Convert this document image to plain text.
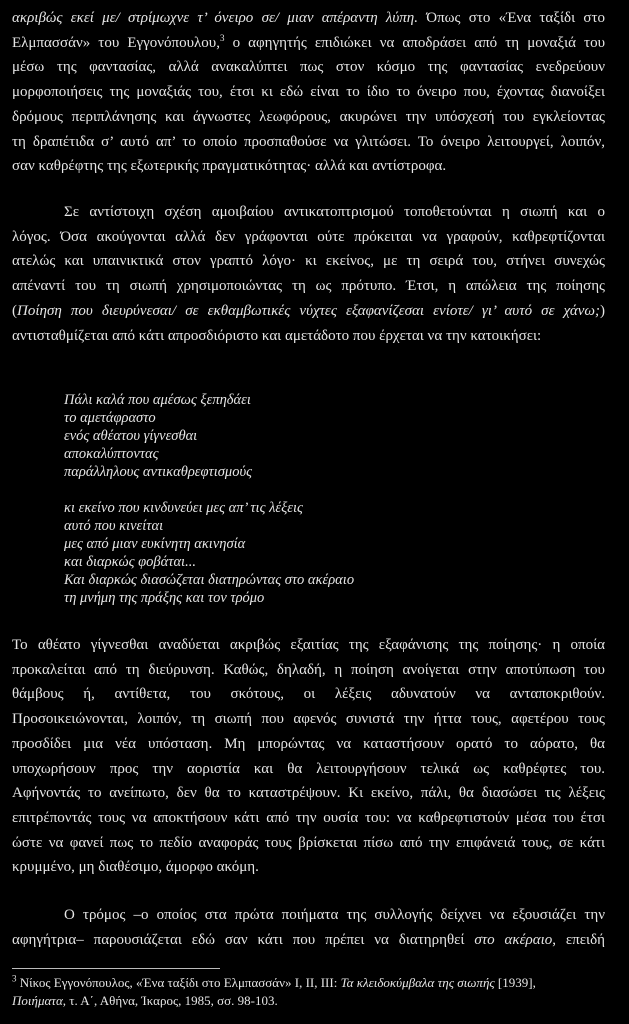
ακριβώς εκεί με/ στρίμωχνε τ’ όνειρο σε/ μιαν απέραντη λύπη. Όπως στο «Ένα ταξίδι στο
Ελμπασσάν» του Εγγονόπουλου,$^3$ ο αφηγητής επιδιώκει να αποδράσει από τη μοναξιά του
μέσω της φαντασίας, αλλά ανακαλύπτει πως στον κόσμο της φαντασίας ενεδρεύουν
μορφοποιήσεις της μοναξιάς του, έτσι κι εδώ είναι το ίδιο το όνειρο που, έχοντας διανοίξει
δρόμους περιπλάνησης και άγνωστες λεωφόρους, ακυρώνει την υπόσχεσή του εγκλείοντας
τη δραπέτιδα σ’ αυτό απ’ το οποίο προσπαθούσε να γλιτώσει. Το όνειρο λειτουργεί, λοιπόν,
σαν καθρέφτης της εξωτερικής πραγματικότητας· αλλά και αντίστροφα.
Σε αντίστοιχη σχέση αμοιβαίου αντικατοπτρισμού τοποθετούνται η σιωπή και ο
λόγος. Όσα ακούγονται αλλά δεν γράφονται ούτε πρόκειται να γραφούν, καθρεφτίζονται
ατελώς και υπαινικτικά στον γραπτό λόγο· κι εκείνος, με τη σειρά του, στήνει συνεχώς
απέναντί του τη σιωπή χρησιμοποιώντας τη ως πρότυπο. Έτσι, η απώλεια της ποίησης
(Ποίηση που διευρύνεσαι/ σε εκθαμβωτικές νύχτες εξαφανίζεσαι ενίοτε/ γι’ αυτό σε χάνω;)
αντισταθμίζεται από κάτι απροσδιόριστο και αμετάδοτο που έρχεται να την κατοικήσει:
Πάλι καλά που αμέσως ξεπηδάει
το αμετάφραστο
ενός αθέατου γίγνεσθαι
αποκαλύπτοντας
παράλληλους αντικαθρεφτισμούς
κι εκείνο που κινδυνεύει μες απ’ τις λέξεις
αυτό που κινείται
μες από μιαν ευκίνητη ακινησία
και διαρκώς φοβάται...
Και διαρκώς διασώζεται διατηρώντας στο ακέραιο
τη μνήμη της πράξης και τον τρόμο
Το αθέατο γίγνεσθαι αναδύεται ακριβώς εξαιτίας της εξαφάνισης της ποίησης· η οποία
προκαλείται από τη διεύρυνση. Καθώς, δηλαδή, η ποίηση ανοίγεται στην αποτύπωση του
θάμβους ή, αντίθετα, του σκότους, οι λέξεις αδυνατούν να ανταποκριθούν.
Προσοικειώνονται, λοιπόν, τη σιωπή που αφενός συνιστά την ήττα τους, αφετέρου τους
προσδίδει μια νέα υπόσταση. Μη μπορώντας να καταστήσουν ορατό το αόρατο, θα
υποχωρήσουν προς την αοριστία και θα λειτουργήσουν τελικά ως καθρέφτες του.
Αφήνοντάς το ανείπωτο, δεν θα το καταστρέψουν. Κι εκείνο, πάλι, θα διασώσει τις λέξεις
επιτρέποντάς τους να αποκτήσουν κάτι από την ουσία του: να καθρεφτιστούν μέσα του έτσι
ώστε να φανεί πως το πεδίο αναφοράς τους βρίσκεται πίσω από την επιφάνειά τους, σε κάτι
κρυμμένο, μη διαθέσιμο, άμορφο ακόμη.
Ο τρόμος –ο οποίος στα πρώτα ποιήματα της συλλογής δείχνει να εξουσιάζει την
αφηγήτρια– παρουσιάζεται εδώ σαν κάτι που πρέπει να διατηρηθεί στο ακέραιο, επειδή
$^3$ Νίκος Εγγονόπουλος, «Ένα ταξίδι στο Ελμπασσάν» I, II, III: Τα κλειδοκύμβαλα της σιωπής [1939],
Ποιήματα, τ. Α΄, Αθήνα, Ίκαρος, 1985, σσ. 98-103.
